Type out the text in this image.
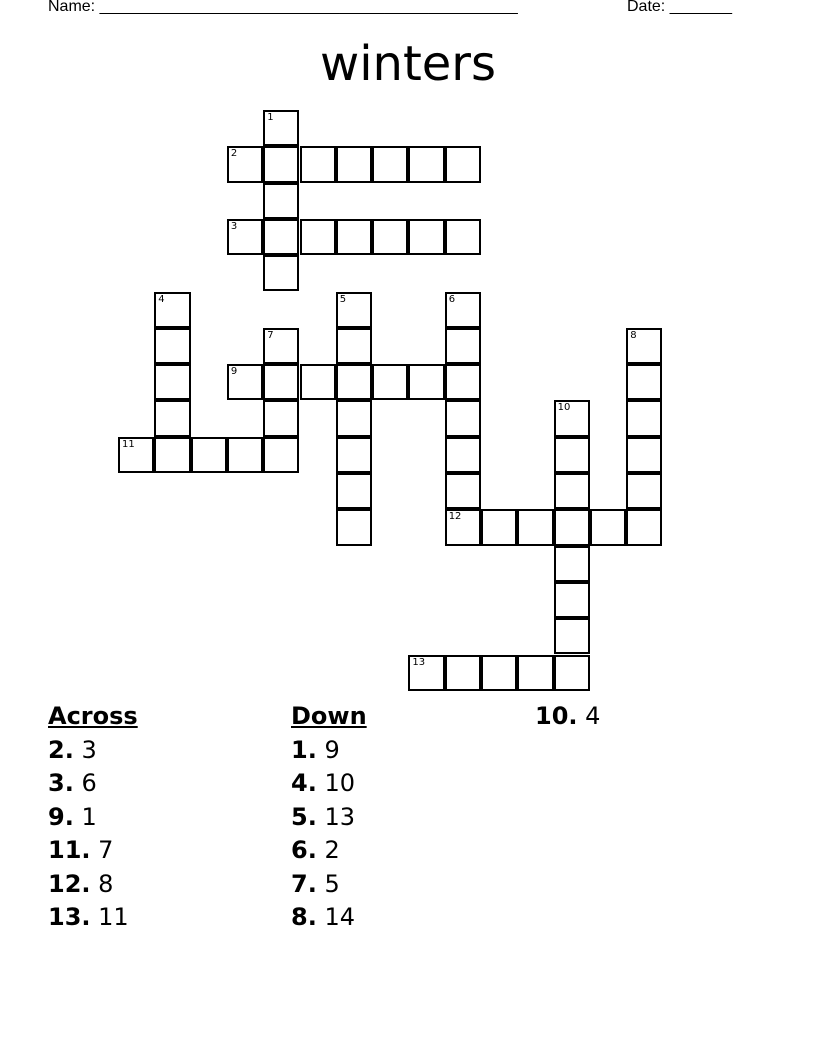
Name: _______________________________________________	Date: _______
winters
1
2
3
4	5	6
7	8
9
10
11
12
13
Across
2. 3
3. 6
9. 1
11. 7
12. 8
13. 11
Down
1. 9
4. 10
5. 13
6. 2
7. 5
8. 14
10. 4
